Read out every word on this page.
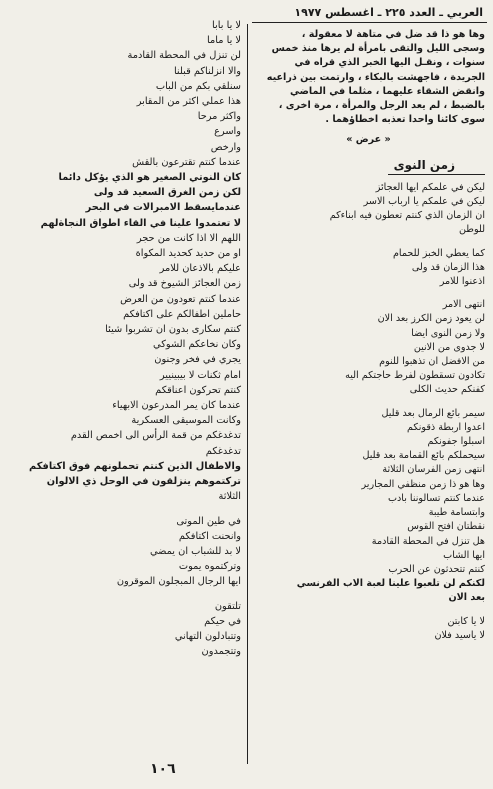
العربي ـ العدد ٢٢٥ ـ اغسطس ١٩٧٧

وها هو ذا قد ضل في متاهة لا معقولة ،

وسجى الليل والتقى بامرأة لم يرها منذ خمس

سنوات ، ونقـل اليها الخبر الذي قراه في

الجريدة ، فاجهشت بالبكاء ، وارتمت بين ذراعيه

وانقض الشقاء عليهما ، مثلما في الماضي

بالضبط ، لم يعد الرجل والمرأة ، مرة اخرى ،

سوى كائنا واحدا تعذبه اخطاؤهما .

« عرض »
زمن النوى
ليكن في علمكم ايها العجائز
ليكن في علمكم يا ارباب الاسر
ان الزمان الذي كنتم تعطون فيه ابناءكم
للوطن
كما يعطي الخبز للحمام
هذا الزمان قد ولى
اذعنوا للامر
انتهى الامر
لن يعود زمن الكرز بعد الان
ولا زمن النوى ايضا
لا جدوى من الانين
من الافضل ان تذهبوا للنوم
تكادون تسقطون لفرط حاجتكم اليه
كفنكم حديث الكلى
سيمر بائع الرمال بعد قليل
اعدوا اربطة ذقونكم
اسبلوا جفونكم
سيحملكم بائع القمامة بعد قليل
انتهى زمن الفرسان الثلاثة
وها هو ذا زمن منظفي المجارير
عندما كنتم تسالوننا بادب
وابتسامة طيبة
نقطتان افتح القوس
هل تنزل في المحطة القادمة
ايها الشاب
كنتم تتحدثون عن الحرب
لكنكم لن تلعبوا علينا لعبة الاب الفرنسي
بعد الان
لا يا كابتن
لا ياسيد فلان
لا يا بابا
لا يا ماما
لن تنزل في المحطة القادمة
والا انزلناكم قبلنا
سنلقي بكم من الباب
هذا عملي اكثر من المقابر
واكثر مرحا
واسرع
وارخص
عندما كنتم تقترعون بالقش
كان النوتي الصغير هو الذي يؤكل دائما
لكن زمن الغرق السعيد قد ولى
عندمايسقط الامبرالات في البحر
لا تعتمدوا علينا في القاء اطواق النجاةلهم
اللهم الا اذا كانت من حجر
او من حديد كحديد المكواة
عليكم بالاذعان للامر
زمن العجائز الشيوخ قد ولى
عندما كنتم تعودون من العرض
حاملين اطفالكم على اكتافكم
كنتم سكارى بدون ان تشربوا شيئا
وكان نخاعكم الشوكي
يجري في فخر وجنون
امام ثكنات لا بيبينيير
كنتم تحركون اعناقكم
عندما كان يمر المدرعون الابهياء
وكانت الموسيقى العسكرية
تدغدغكم من قمة الرأس الى اخمص القدم
تدغدغكم
والاطفال الذين كنتم تحملونهم فوق اكتافكم
تركتموهم ينزلقون في الوحل ذي الالوان
الثلاثة
في طين الموتى
وانحنت اكتافكم
لا بد للشباب ان يمضي
وتركتموه يموت
ايها الرجال المبجلون الموقرون
تلتقون
في حيكم
وتتبادلون التهاني
وتتجمدون
١٠٦
